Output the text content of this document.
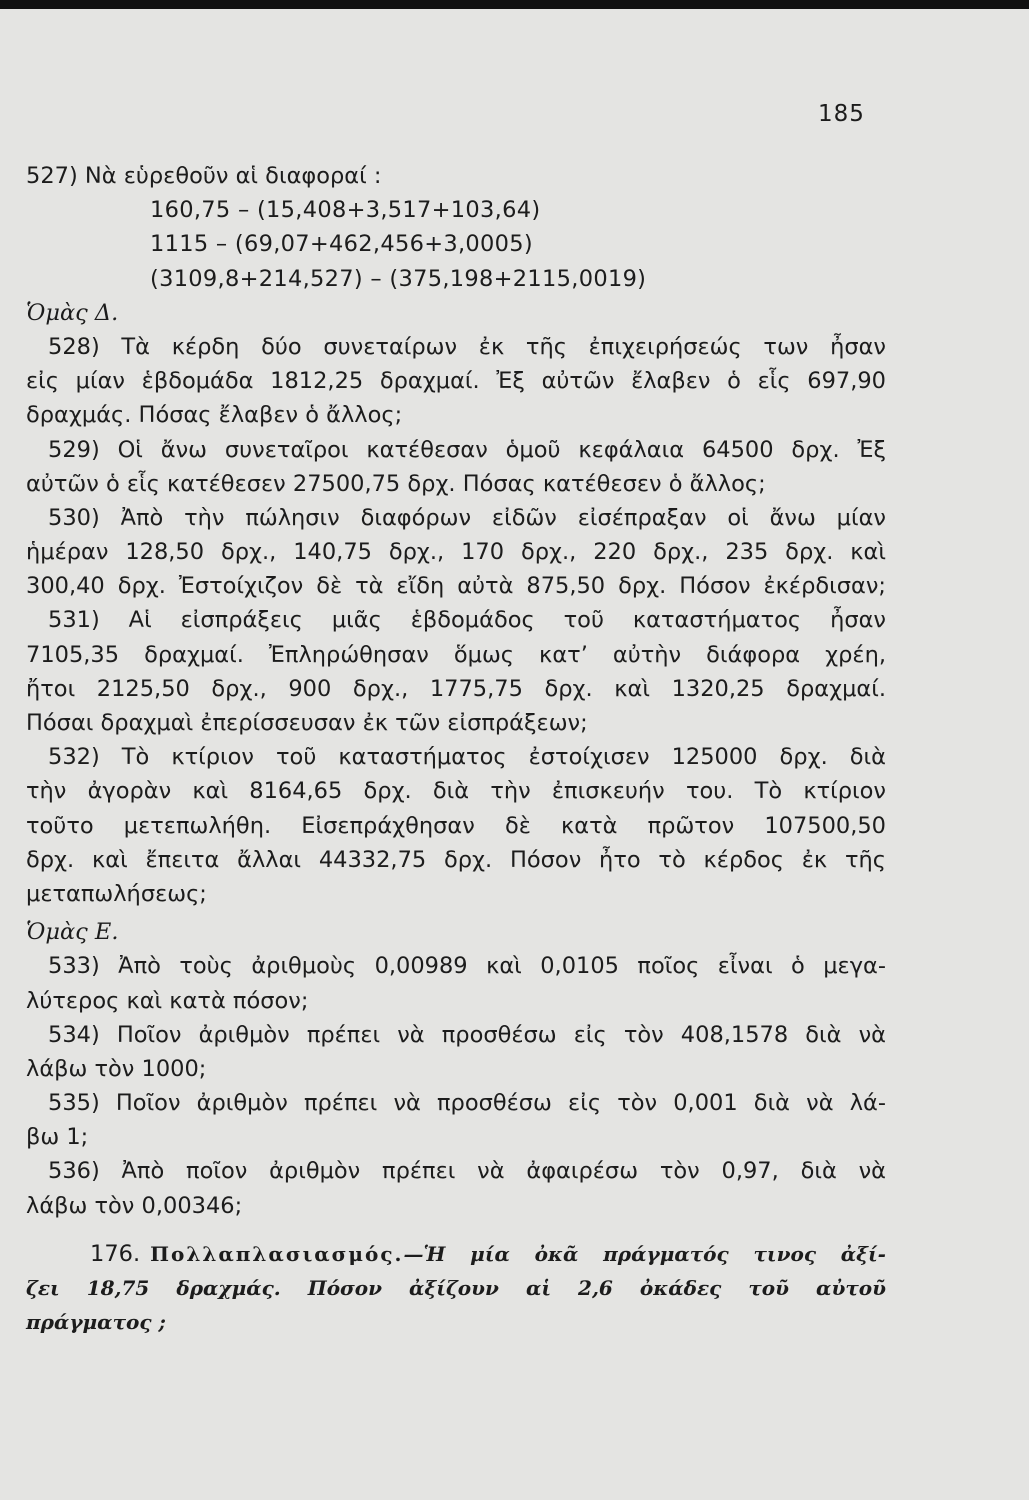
185
527) Νὰ εὑρεθοῦν αἱ διαφοραί :
160,75 – (15,408+3,517+103,64)
1115 – (69,07+462,456+3,0005)
(3109,8+214,527) – (375,198+2115,0019)
Ὁμὰς Δ.
528) Τὰ κέρδη δύο συνεταίρων ἐκ τῆς ἐπιχειρήσεώς των ἦσαν
εἰς μίαν ἑβδομάδα 1812,25 δραχμαί. Ἐξ αὐτῶν ἔλαβεν ὁ εἷς 697,90
δραχμάς. Πόσας ἔλαβεν ὁ ἄλλος;
529) Οἱ ἄνω συνεταῖροι κατέθεσαν ὁμοῦ κεφάλαια 64500 δρχ. Ἐξ
αὐτῶν ὁ εἷς κατέθεσεν 27500,75 δρχ. Πόσας κατέθεσεν ὁ ἄλλος;
530) Ἀπὸ τὴν πώλησιν διαφόρων εἰδῶν εἰσέπραξαν οἱ ἄνω μίαν
ἡμέραν 128,50 δρχ., 140,75 δρχ., 170 δρχ., 220 δρχ., 235 δρχ. καὶ
300,40 δρχ. Ἐστοίχιζον δὲ τὰ εἴδη αὐτὰ 875,50 δρχ. Πόσον ἐκέρδισαν;
531) Αἱ εἰσπράξεις μιᾶς ἑβδομάδος τοῦ καταστήματος ἦσαν
7105,35 δραχμαί. Ἐπληρώθησαν ὅμως κατ’ αὐτὴν διάφορα χρέη,
ἤτοι 2125,50 δρχ., 900 δρχ., 1775,75 δρχ. καὶ 1320,25 δραχμαί.
Πόσαι δραχμαὶ ἐπερίσσευσαν ἐκ τῶν εἰσπράξεων;
532) Τὸ κτίριον τοῦ καταστήματος ἐστοίχισεν 125000 δρχ. διὰ
τὴν ἀγορὰν καὶ 8164,65 δρχ. διὰ τὴν ἐπισκευήν του. Τὸ κτίριον
τοῦτο μετεπωλήθη. Εἰσεπράχθησαν δὲ κατὰ πρῶτον 107500,50
δρχ. καὶ ἔπειτα ἄλλαι 44332,75 δρχ. Πόσον ἦτο τὸ κέρδος ἐκ τῆς
μεταπωλήσεως;
Ὁμὰς Ε.
533) Ἀπὸ τοὺς ἀριθμοὺς 0,00989 καὶ 0,0105 ποῖος εἶναι ὁ μεγα-
λύτερος καὶ κατὰ πόσον;
534) Ποῖον ἀριθμὸν πρέπει νὰ προσθέσω εἰς τὸν 408,1578 διὰ νὰ
λάβω τὸν 1000;
535) Ποῖον ἀριθμὸν πρέπει νὰ προσθέσω εἰς τὸν 0,001 διὰ νὰ λά-
βω 1;
536) Ἀπὸ ποῖον ἀριθμὸν πρέπει νὰ ἀφαιρέσω τὸν 0,97, διὰ νὰ
λάβω τὸν 0,00346;
176. Πολλαπλασιασμός.—Ἡ μία ὀκᾶ πράγματός τινος ἀξί-
ζει 18,75 δραχμάς. Πόσον ἀξίζουν αἱ 2,6 ὀκάδες τοῦ αὐτοῦ
πράγματος ;
